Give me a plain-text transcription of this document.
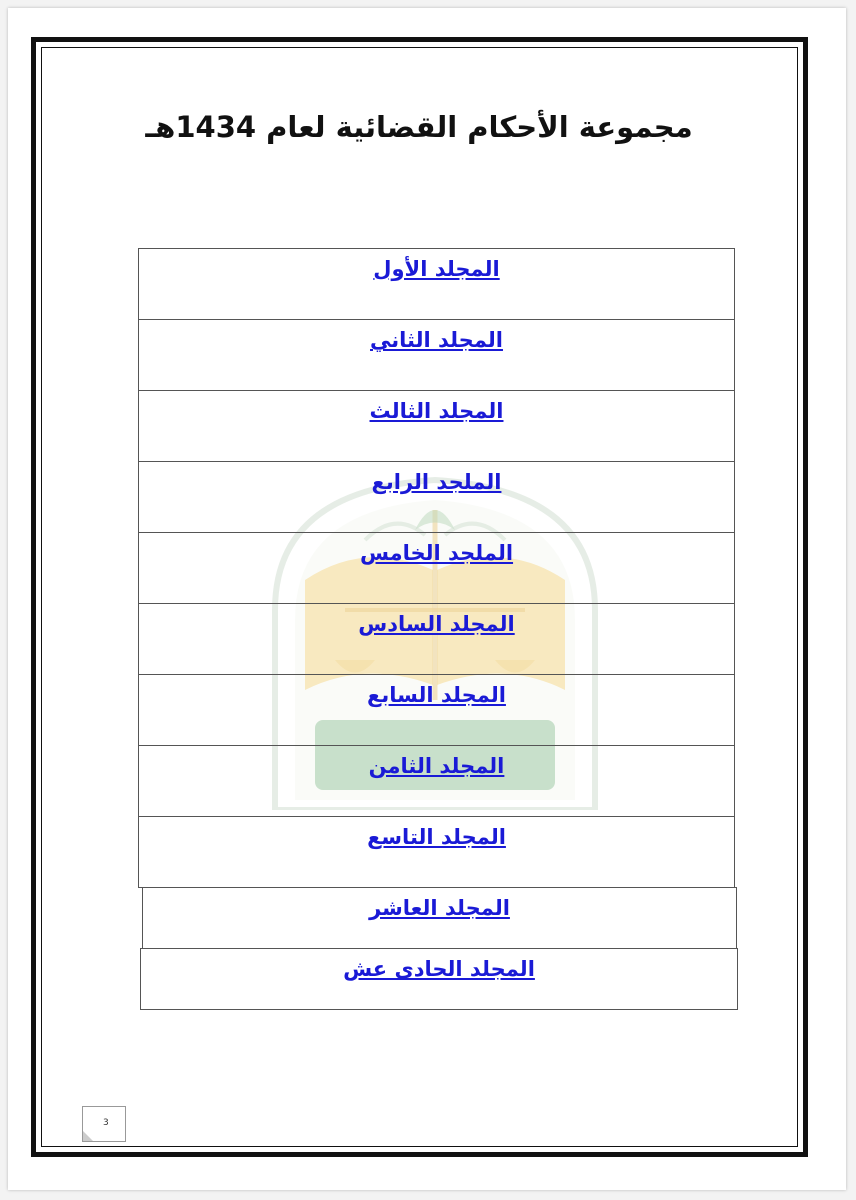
مجموعة الأحكام القضائية لعام 1434هـ
المجلد الأول
المجلد الثاني
المجلد الثالث
الملجد الرابع
الملجد الخامس
المجلد السادس
المجلد السابع
المجلد الثامن
المجلد التاسع
المجلد العاشر
المجلد الحادى عش
3
